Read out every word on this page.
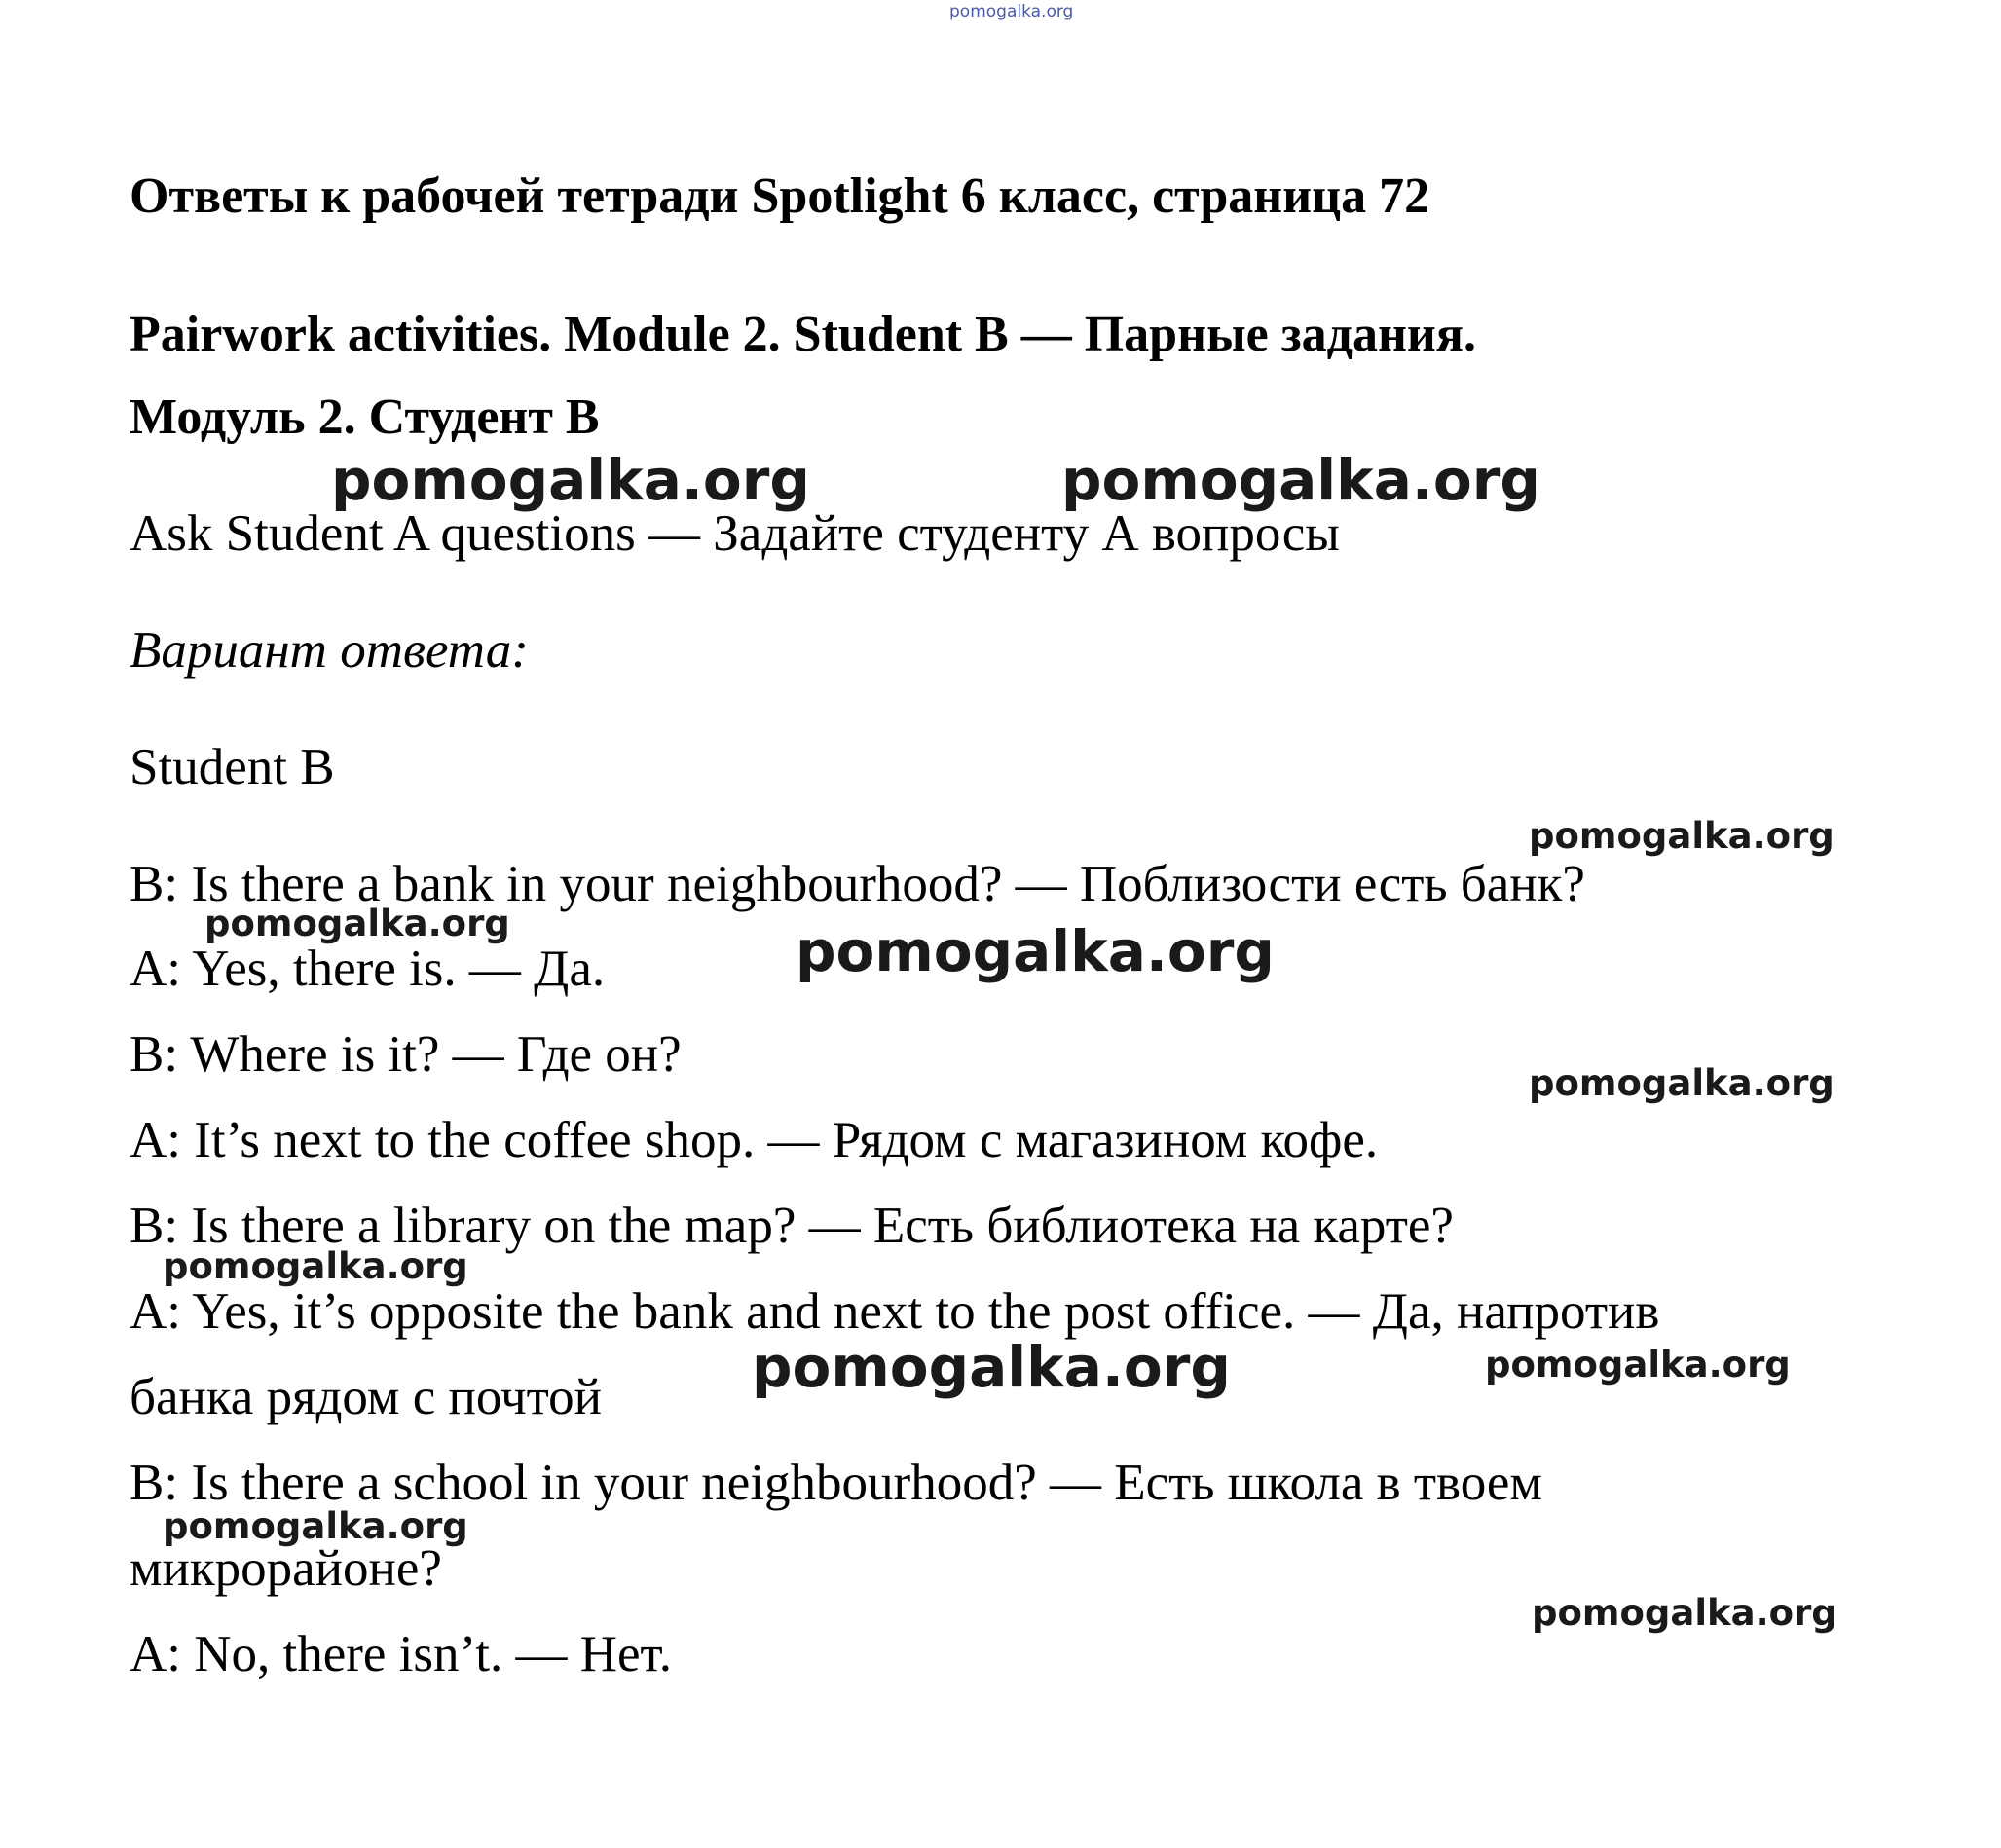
pomogalka.org
Ответы к рабочей тетради Spotlight 6 класс, страница 72
Pairwork activities. Module 2. Student B — Парные задания.
Модуль 2. Студент B
Ask Student A questions — Задайте студенту А вопросы
Вариант ответа:
Student B
B: Is there a bank in your neighbourhood? — Поблизости есть банк?
A: Yes, there is. — Да.
B: Where is it? — Где он?
A: It’s next to the coffee shop. — Рядом с магазином кофе.
B: Is there a library on the map? — Есть библиотека на карте?
A: Yes, it’s opposite the bank and next to the post office. — Да, напротив
банка рядом с почтой
B: Is there a school in your neighbourhood? — Есть школа в твоем
микрорайоне?
A: No, there isn’t. — Нет.
pomogalka.org	pomogalka.org
pomogalka.org
pomogalka.org	pomogalka.org
pomogalka.org
pomogalka.org
pomogalka.org	pomogalka.org
pomogalka.org
pomogalka.org
